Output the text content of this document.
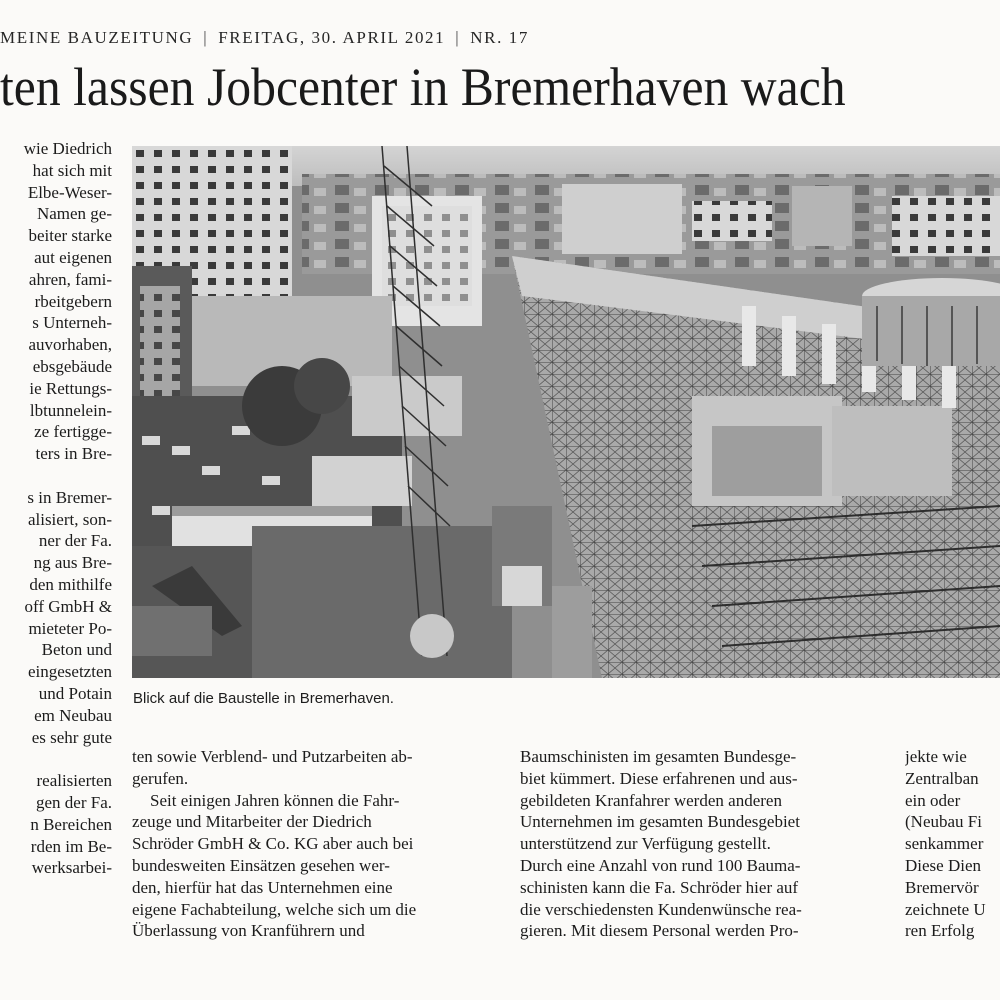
MEINE BAUZEITUNG | FREITAG, 30. APRIL 2021 | NR. 17
ten lassen Jobcenter in Bremerhaven wach
wie Diedrich
hat sich mit
Elbe-Weser-
Namen ge-
beiter starke
aut eigenen
ahren, fami-
rbeitgebern
s Unterneh-
auvorhaben,
ebsgebäude
ie Rettungs-
lbtunnelein-
ze fertigge-
ters in Bre-
s in Bremer-
alisiert, son-
ner der Fa.
ng aus Bre-
den mithilfe
off GmbH &
mieteter Po-
Beton und
eingesetzten
und Potain
em Neubau
es sehr gute
realisierten
gen der Fa.
n Bereichen
rden im Be-
werksarbei-
Blick auf die Baustelle in Bremerhaven.
ten sowie Verblend- und Putzarbeiten ab-
gerufen.
Seit einigen Jahren können die Fahr-
zeuge und Mitarbeiter der Diedrich
Schröder GmbH & Co. KG aber auch bei
bundesweiten Einsätzen gesehen wer-
den, hierfür hat das Unternehmen eine
eigene Fachabteilung, welche sich um die
Überlassung von Kranführern und
Baumschinisten im gesamten Bundesge-
biet kümmert. Diese erfahrenen und aus-
gebildeten Kranfahrer werden anderen
Unternehmen im gesamten Bundesgebiet
unterstützend zur Verfügung gestellt.
Durch eine Anzahl von rund 100 Bauma-
schinisten kann die Fa. Schröder hier auf
die verschiedensten Kundenwünsche rea-
gieren. Mit diesem Personal werden Pro-
jekte wie
Zentralban
ein oder
(Neubau Fi
senkammer
Diese Dien
Bremervör
zeichnete U
ren Erfolg
